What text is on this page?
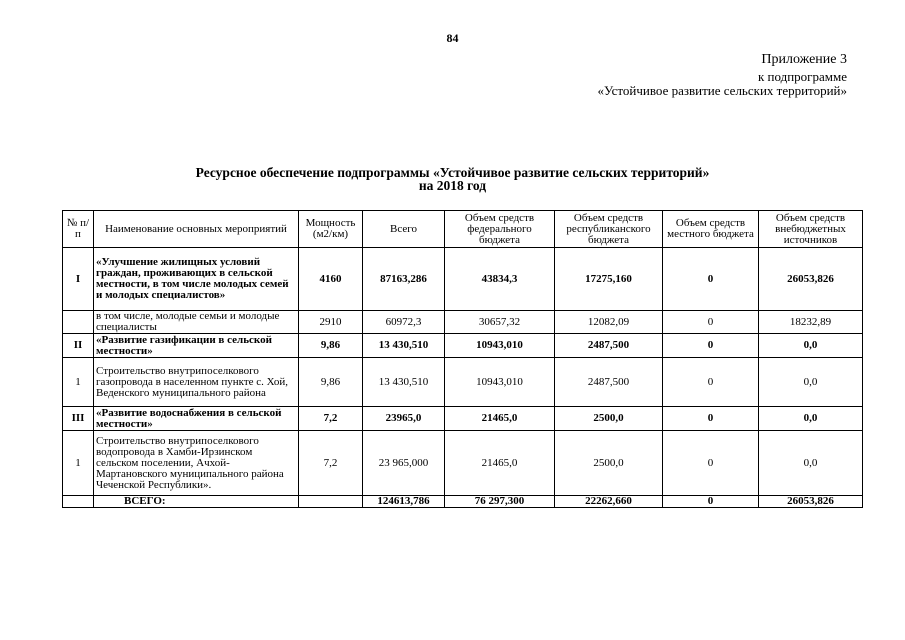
84
Приложение 3
к подпрограмме
«Устойчивое развитие сельских территорий»
Ресурсное обеспечение подпрограммы «Устойчивое развитие сельских территорий»
на 2018 год
№ п/п	Наименование основных мероприятий	Мощность (м2/км)	Всего	Объем средств федерального бюджета	Объем средств республиканского бюджета	Объем средств местного бюджета	Объем средств внебюджетных источников
I	«Улучшение жилищных условий граждан, проживающих в сельской местности, в том числе молодых семей и молодых специалистов»	4160	87163,286	43834,3	17275,160	0	26053,826
	в том числе, молодые семьи и молодые специалисты	2910	60972,3	30657,32	12082,09	0	18232,89
II	«Развитие газификации в сельской местности»	9,86	13 430,510	10943,010	2487,500	0	0,0
1	Строительство внутрипоселкового газопровода в населенном пункте с. Хой, Веденского муниципального района	9,86	13 430,510	10943,010	2487,500	0	0,0
III	«Развитие водоснабжения в сельской местности»	7,2	23965,0	21465,0	2500,0	0	0,0
1	Строительство внутрипоселкового водопровода в Хамби-Ирзинском сельском поселении, Ачхой-Мартановского муниципального района Чеченской Республики».	7,2	23 965,000	21465,0	2500,0	0	0,0
	ВСЕГО:		124613,786	76 297,300	22262,660	0	26053,826
